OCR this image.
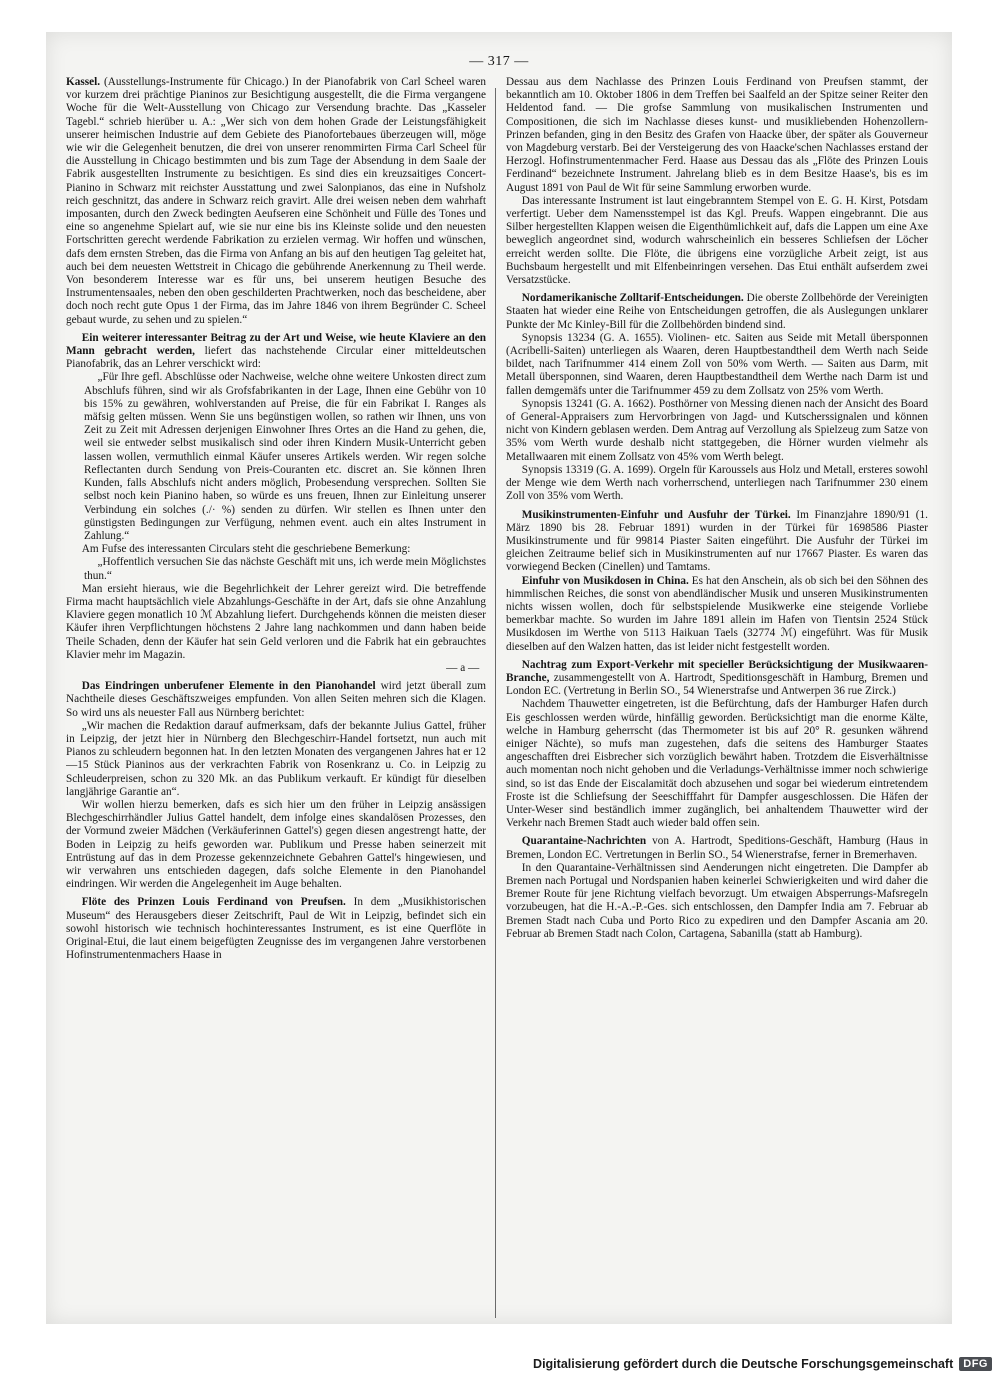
— 317 —

Kassel. (Ausstellungs-Instrumente für Chicago.) In der Pianofabrik von Carl Scheel waren vor kurzem drei prächtige Pianinos zur Besichtigung ausgestellt, die die Firma vergangene Woche für die Welt-Ausstellung von Chicago zur Versendung brachte. Das „Kasseler Tagebl.“ schrieb hierüber u. A.: „Wer sich von dem hohen Grade der Leistungsfähigkeit unserer heimischen Industrie auf dem Gebiete des Pianofortebaues überzeugen will, möge wie wir die Gelegenheit benutzen, die drei von unserer renommirten Firma Carl Scheel für die Ausstellung in Chicago bestimmten und bis zum Tage der Absendung in dem Saale der Fabrik ausgestellten Instrumente zu besichtigen. Es sind dies ein kreuzsaitiges Concert-Pianino in Schwarz mit reichster Ausstattung und zwei Salonpianos, das eine in Nufsholz reich geschnitzt, das andere in Schwarz reich gravirt. Alle drei weisen neben dem wahrhaft imposanten, durch den Zweck bedingten Aeufseren eine Schönheit und Fülle des Tones und eine so angenehme Spielart auf, wie sie nur eine bis ins Kleinste solide und den neuesten Fortschritten gerecht werdende Fabrikation zu erzielen vermag. Wir hoffen und wünschen, dafs dem ernsten Streben, das die Firma von Anfang an bis auf den heutigen Tag geleitet hat, auch bei dem neuesten Wettstreit in Chicago die gebührende Anerkennung zu Theil werde. Von besonderem Interesse war es für uns, bei unserem heutigen Besuche des Instrumentensaales, neben den oben geschilderten Prachtwerken, noch das bescheidene, aber doch noch recht gute Opus 1 der Firma, das im Jahre 1846 von ihrem Begründer C. Scheel gebaut wurde, zu sehen und zu spielen.“

Ein weiterer interessanter Beitrag zu der Art und Weise, wie heute Klaviere an den Mann gebracht werden, liefert das nachstehende Circular einer mitteldeutschen Pianofabrik, das an Lehrer verschickt wird:

„Für Ihre gefl. Abschlüsse oder Nachweise, welche ohne weitere Unkosten direct zum Abschlufs führen, sind wir als Grofsfabrikanten in der Lage, Ihnen eine Gebühr von 10 bis 15% zu gewähren, wohlverstanden auf Preise, die für ein Fabrikat I. Ranges als mäfsig gelten müssen. Wenn Sie uns begünstigen wollen, so rathen wir Ihnen, uns von Zeit zu Zeit mit Adressen derjenigen Einwohner Ihres Ortes an die Hand zu gehen, die, weil sie entweder selbst musikalisch sind oder ihren Kindern Musik-Unterricht geben lassen wollen, vermuthlich einmal Käufer unseres Artikels werden. Wir regen solche Reflectanten durch Sendung von Preis-Couranten etc. discret an. Sie können Ihren Kunden, falls Abschlufs nicht anders möglich, Probesendung versprechen. Sollten Sie selbst noch kein Pianino haben, so würde es uns freuen, Ihnen zur Einleitung unserer Verbindung ein solches (./· %) senden zu dürfen. Wir stellen es Ihnen unter den günstigsten Bedingungen zur Verfügung, nehmen event. auch ein altes Instrument in Zahlung.“

Am Fufse des interessanten Circulars steht die geschriebene Bemerkung:

„Hoffentlich versuchen Sie das nächste Geschäft mit uns, ich werde mein Möglichstes thun.“

Man ersieht hieraus, wie die Begehrlichkeit der Lehrer gereizt wird. Die betreffende Firma macht hauptsächlich viele Abzahlungs-Geschäfte in der Art, dafs sie ohne Anzahlung Klaviere gegen monatlich 10 ℳ Abzahlung liefert. Durchgehends können die meisten dieser Käufer ihren Verpflichtungen höchstens 2 Jahre lang nachkommen und dann haben beide Theile Schaden, denn der Käufer hat sein Geld verloren und die Fabrik hat ein gebrauchtes Klavier mehr im Magazin.
— a —

Das Eindringen unberufener Elemente in den Pianohandel wird jetzt überall zum Nachtheile dieses Geschäftszweiges empfunden. Von allen Seiten mehren sich die Klagen. So wird uns als neuester Fall aus Nürnberg berichtet:

„Wir machen die Redaktion darauf aufmerksam, dafs der bekannte Julius Gattel, früher in Leipzig, der jetzt hier in Nürnberg den Blechgeschirr-Handel fortsetzt, nun auch mit Pianos zu schleudern begonnen hat. In den letzten Monaten des vergangenen Jahres hat er 12—15 Stück Pianinos aus der verkrachten Fabrik von Rosenkranz u. Co. in Leipzig zu Schleuderpreisen, schon zu 320 Mk. an das Publikum verkauft. Er kündigt für dieselben langjährige Garantie an“.

Wir wollen hierzu bemerken, dafs es sich hier um den früher in Leipzig ansässigen Blechgeschirrhändler Julius Gattel handelt, dem infolge eines skandalösen Prozesses, den der Vormund zweier Mädchen (Verkäuferinnen Gattel's) gegen diesen angestrengt hatte, der Boden in Leipzig zu heifs geworden war. Publikum und Presse haben seinerzeit mit Entrüstung auf das in dem Prozesse gekennzeichnete Gebahren Gattel's hingewiesen, und wir verwahren uns entschieden dagegen, dafs solche Elemente in den Pianohandel eindringen. Wir werden die Angelegenheit im Auge behalten.

Flöte des Prinzen Louis Ferdinand von Preufsen. In dem „Musikhistorischen Museum“ des Herausgebers dieser Zeitschrift, Paul de Wit in Leipzig, befindet sich ein sowohl historisch wie technisch hochinteressantes Instrument, es ist eine Querflöte in Original-Etui, die laut einem beigefügten Zeugnisse des im vergangenen Jahre verstorbenen Hofinstrumentenmachers Haase in

Dessau aus dem Nachlasse des Prinzen Louis Ferdinand von Preufsen stammt, der bekanntlich am 10. Oktober 1806 in dem Treffen bei Saalfeld an der Spitze seiner Reiter den Heldentod fand. — Die grofse Sammlung von musikalischen Instrumenten und Compositionen, die sich im Nachlasse dieses kunst- und musikliebenden Hohenzollern-Prinzen befanden, ging in den Besitz des Grafen von Haacke über, der später als Gouverneur von Magdeburg verstarb. Bei der Versteigerung des von Haacke'schen Nachlasses erstand der Herzogl. Hofinstrumentenmacher Ferd. Haase aus Dessau das als „Flöte des Prinzen Louis Ferdinand“ bezeichnete Instrument. Jahrelang blieb es in dem Besitze Haase's, bis es im August 1891 von Paul de Wit für seine Sammlung erworben wurde.

Das interessante Instrument ist laut eingebranntem Stempel von E. G. H. Kirst, Potsdam verfertigt. Ueber dem Namensstempel ist das Kgl. Preufs. Wappen eingebrannt. Die aus Silber hergestellten Klappen weisen die Eigenthümlichkeit auf, dafs die Lappen um eine Axe beweglich angeordnet sind, wodurch wahrscheinlich ein besseres Schliefsen der Löcher erreicht werden sollte. Die Flöte, die übrigens eine vorzügliche Arbeit zeigt, ist aus Buchsbaum hergestellt und mit Elfenbeinringen versehen. Das Etui enthält aufserdem zwei Versatzstücke.

Nordamerikanische Zolltarif-Entscheidungen. Die oberste Zollbehörde der Vereinigten Staaten hat wieder eine Reihe von Entscheidungen getroffen, die als Auslegungen unklarer Punkte der Mc Kinley-Bill für die Zollbehörden bindend sind.

Synopsis 13234 (G. A. 1655). Violinen- etc. Saiten aus Seide mit Metall übersponnen (Acribelli-Saiten) unterliegen als Waaren, deren Hauptbestandtheil dem Werth nach Seide bildet, nach Tarifnummer 414 einem Zoll von 50% vom Werth. — Saiten aus Darm, mit Metall übersponnen, sind Waaren, deren Hauptbestandtheil dem Werthe nach Darm ist und fallen demgemäfs unter die Tarifnummer 459 zu dem Zollsatz von 25% vom Werth.

Synopsis 13241 (G. A. 1662). Posthörner von Messing dienen nach der Ansicht des Board of General-Appraisers zum Hervorbringen von Jagd- und Kutscherssignalen und können nicht von Kindern geblasen werden. Dem Antrag auf Verzollung als Spielzeug zum Satze von 35% vom Werth wurde deshalb nicht stattgegeben, die Hörner wurden vielmehr als Metallwaaren mit einem Zollsatz von 45% vom Werth belegt.

Synopsis 13319 (G. A. 1699). Orgeln für Karoussels aus Holz und Metall, ersteres sowohl der Menge wie dem Werth nach vorherrschend, unterliegen nach Tarifnummer 230 einem Zoll von 35% vom Werth.

Musikinstrumenten-Einfuhr und Ausfuhr der Türkei. Im Finanzjahre 1890/91 (1. März 1890 bis 28. Februar 1891) wurden in der Türkei für 1698586 Piaster Musikinstrumente und für 99814 Piaster Saiten eingeführt. Die Ausfuhr der Türkei im gleichen Zeitraume belief sich in Musikinstrumenten auf nur 17667 Piaster. Es waren das vorwiegend Becken (Cinellen) und Tamtams.

Einfuhr von Musikdosen in China. Es hat den Anschein, als ob sich bei den Söhnen des himmlischen Reiches, die sonst von abendländischer Musik und unseren Musikinstrumenten nichts wissen wollen, doch für selbstspielende Musikwerke eine steigende Vorliebe bemerkbar machte. So wurden im Jahre 1891 allein im Hafen von Tientsin 2524 Stück Musikdosen im Werthe von 5113 Haikuan Taels (32774 ℳ) eingeführt. Was für Musik dieselben auf den Walzen hatten, das ist leider nicht festgestellt worden.

Nachtrag zum Export-Verkehr mit specieller Berücksichtigung der Musikwaaren-Branche, zusammengestellt von A. Hartrodt, Speditionsgeschäft in Hamburg, Bremen und London EC. (Vertretung in Berlin SO., 54 Wienerstrafse und Antwerpen 36 rue Zirck.)

Nachdem Thauwetter eingetreten, ist die Befürchtung, dafs der Hamburger Hafen durch Eis geschlossen werden würde, hinfällig geworden. Berücksichtigt man die enorme Kälte, welche in Hamburg geherrscht (das Thermometer ist bis auf 20° R. gesunken während einiger Nächte), so mufs man zugestehen, dafs die seitens des Hamburger Staates angeschafften drei Eisbrecher sich vorzüglich bewährt haben. Trotzdem die Eisverhältnisse auch momentan noch nicht gehoben und die Verladungs-Verhältnisse immer noch schwierige sind, so ist das Ende der Eiscalamität doch abzusehen und sogar bei wiederum eintretendem Froste ist die Schliefsung der Seeschifffahrt für Dampfer ausgeschlossen. Die Häfen der Unter-Weser sind beständlich immer zugänglich, bei anhaltendem Thauwetter wird der Verkehr nach Bremen Stadt auch wieder bald offen sein.

Quarantaine-Nachrichten von A. Hartrodt, Speditions-Geschäft, Hamburg (Haus in Bremen, London EC. Vertretungen in Berlin SO., 54 Wienerstrafse, ferner in Bremerhaven.

In den Quarantaine-Verhältnissen sind Aenderungen nicht eingetreten. Die Dampfer ab Bremen nach Portugal und Nordspanien haben keinerlei Schwierigkeiten und wird daher die Bremer Route für jene Richtung vielfach bevorzugt. Um etwaigen Absperrungs-Mafsregeln vorzubeugen, hat die H.-A.-P.-Ges. sich entschlossen, den Dampfer India am 7. Februar ab Bremen Stadt nach Cuba und Porto Rico zu expediren und den Dampfer Ascania am 20. Februar ab Bremen Stadt nach Colon, Cartagena, Sabanilla (statt ab Hamburg).

Digitalisierung gefördert durch die Deutsche Forschungsgemeinschaft DFG
